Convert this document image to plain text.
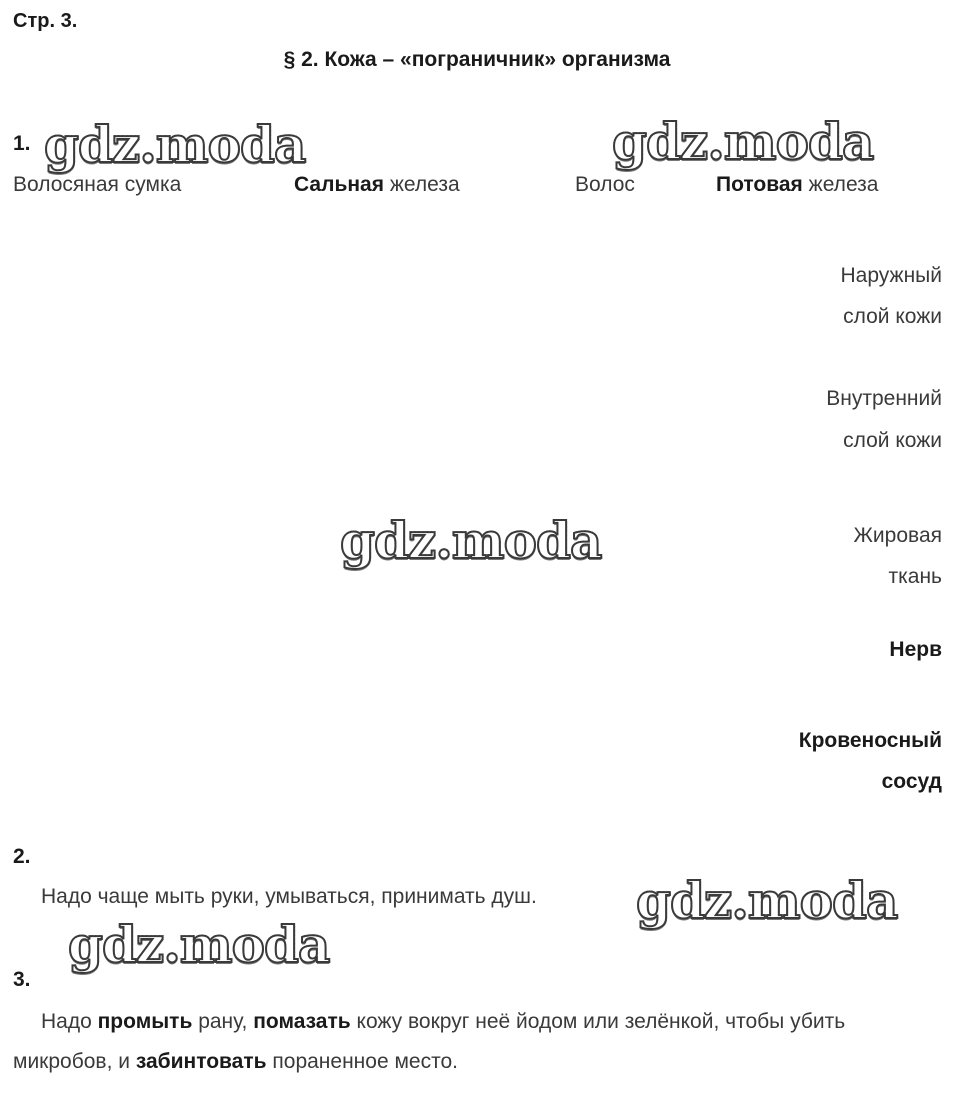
Стр. 3.
§ 2. Кожа – «пограничник» организма
gdz.moda	gdz.moda
gdz.moda
gdz.moda
gdz.moda
1.
Волосяная сумка	Сальная железа	Волос	Потовая железа
Наружный
слой кожи
Внутренний
слой кожи
Жировая
ткань
Нерв
Кровеносный
сосуд
2.
Надо чаще мыть руки, умываться, принимать душ.
3.
Надо промыть рану, помазать кожу вокруг неё йодом или зелёнкой, чтобы убить
микробов, и забинтовать пораненное место.
